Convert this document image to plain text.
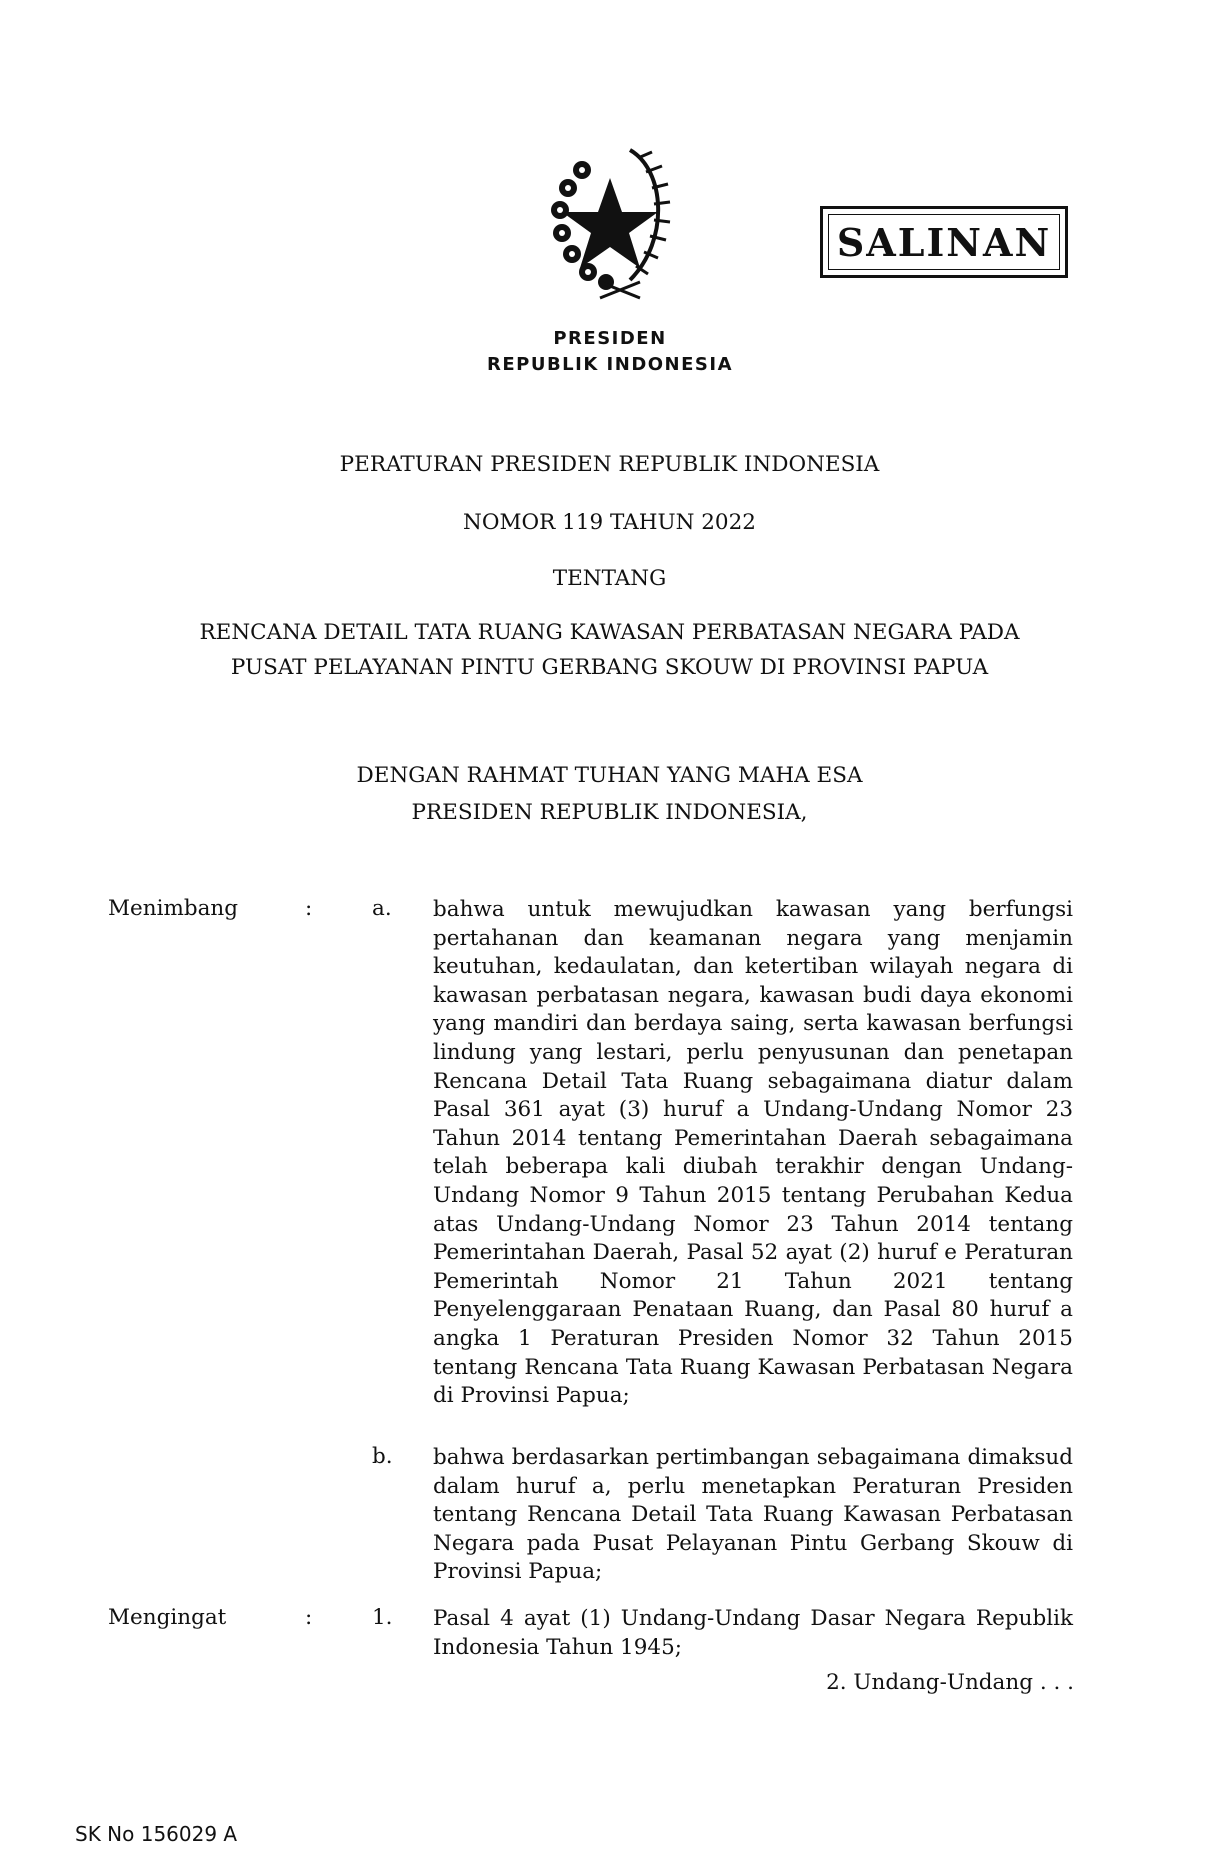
PRESIDEN
REPUBLIK INDONESIA
SALINAN
PERATURAN PRESIDEN REPUBLIK INDONESIA
NOMOR 119 TAHUN 2022
TENTANG
RENCANA DETAIL TATA RUANG KAWASAN PERBATASAN NEGARA PADA
PUSAT PELAYANAN PINTU GERBANG SKOUW DI PROVINSI PAPUA
DENGAN RAHMAT TUHAN YANG MAHA ESA
PRESIDEN REPUBLIK INDONESIA,
Menimbang	:	a. bahwa untuk mewujudkan kawasan yang berfungsi pertahanan dan keamanan negara yang menjamin keutuhan, kedaulatan, dan ketertiban wilayah negara di kawasan perbatasan negara, kawasan budi daya ekonomi yang mandiri dan berdaya saing, serta kawasan berfungsi lindung yang lestari, perlu penyusunan dan penetapan Rencana Detail Tata Ruang sebagaimana diatur dalam Pasal 361 ayat (3) huruf a Undang-Undang Nomor 23 Tahun 2014 tentang Pemerintahan Daerah sebagaimana telah beberapa kali diubah terakhir dengan Undang-Undang Nomor 9 Tahun 2015 tentang Perubahan Kedua atas Undang-Undang Nomor 23 Tahun 2014 tentang Pemerintahan Daerah, Pasal 52 ayat (2) huruf e Peraturan Pemerintah Nomor 21 Tahun 2021 tentang Penyelenggaraan Penataan Ruang, dan Pasal 80 huruf a angka 1 Peraturan Presiden Nomor 32 Tahun 2015 tentang Rencana Tata Ruang Kawasan Perbatasan Negara di Provinsi Papua;
b. bahwa berdasarkan pertimbangan sebagaimana dimaksud dalam huruf a, perlu menetapkan Peraturan Presiden tentang Rencana Detail Tata Ruang Kawasan Perbatasan Negara pada Pusat Pelayanan Pintu Gerbang Skouw di Provinsi Papua;
Mengingat	:	1. Pasal 4 ayat (1) Undang-Undang Dasar Negara Republik Indonesia Tahun 1945;
2. Undang-Undang . . .
SK No 156029 A
